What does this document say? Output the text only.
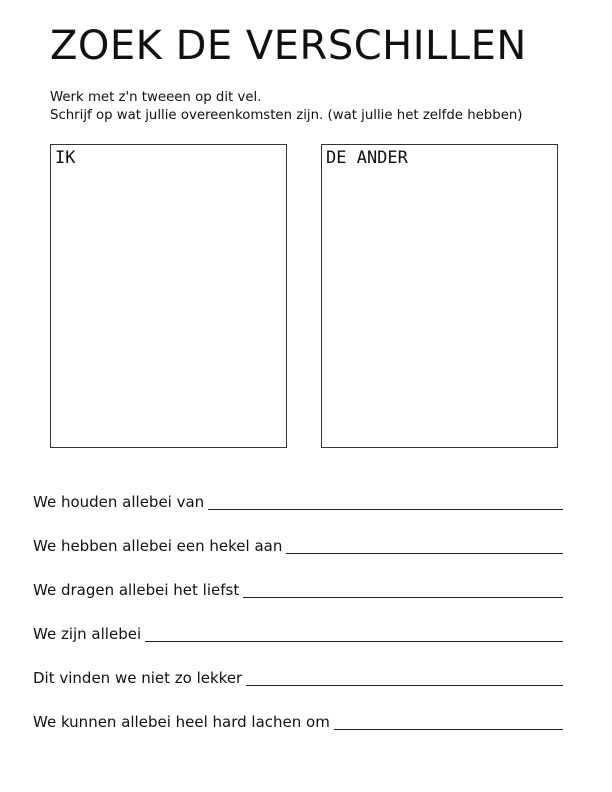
ZOEK DE VERSCHILLEN
Werk met z'n tweeen op dit vel.
Schrijf op wat jullie overeenkomsten zijn. (wat jullie het zelfde hebben)
IK	DE ANDER
We houden allebei van
We hebben allebei een hekel aan
We dragen allebei het liefst
We zijn allebei
Dit vinden we niet zo lekker
We kunnen allebei heel hard lachen om
